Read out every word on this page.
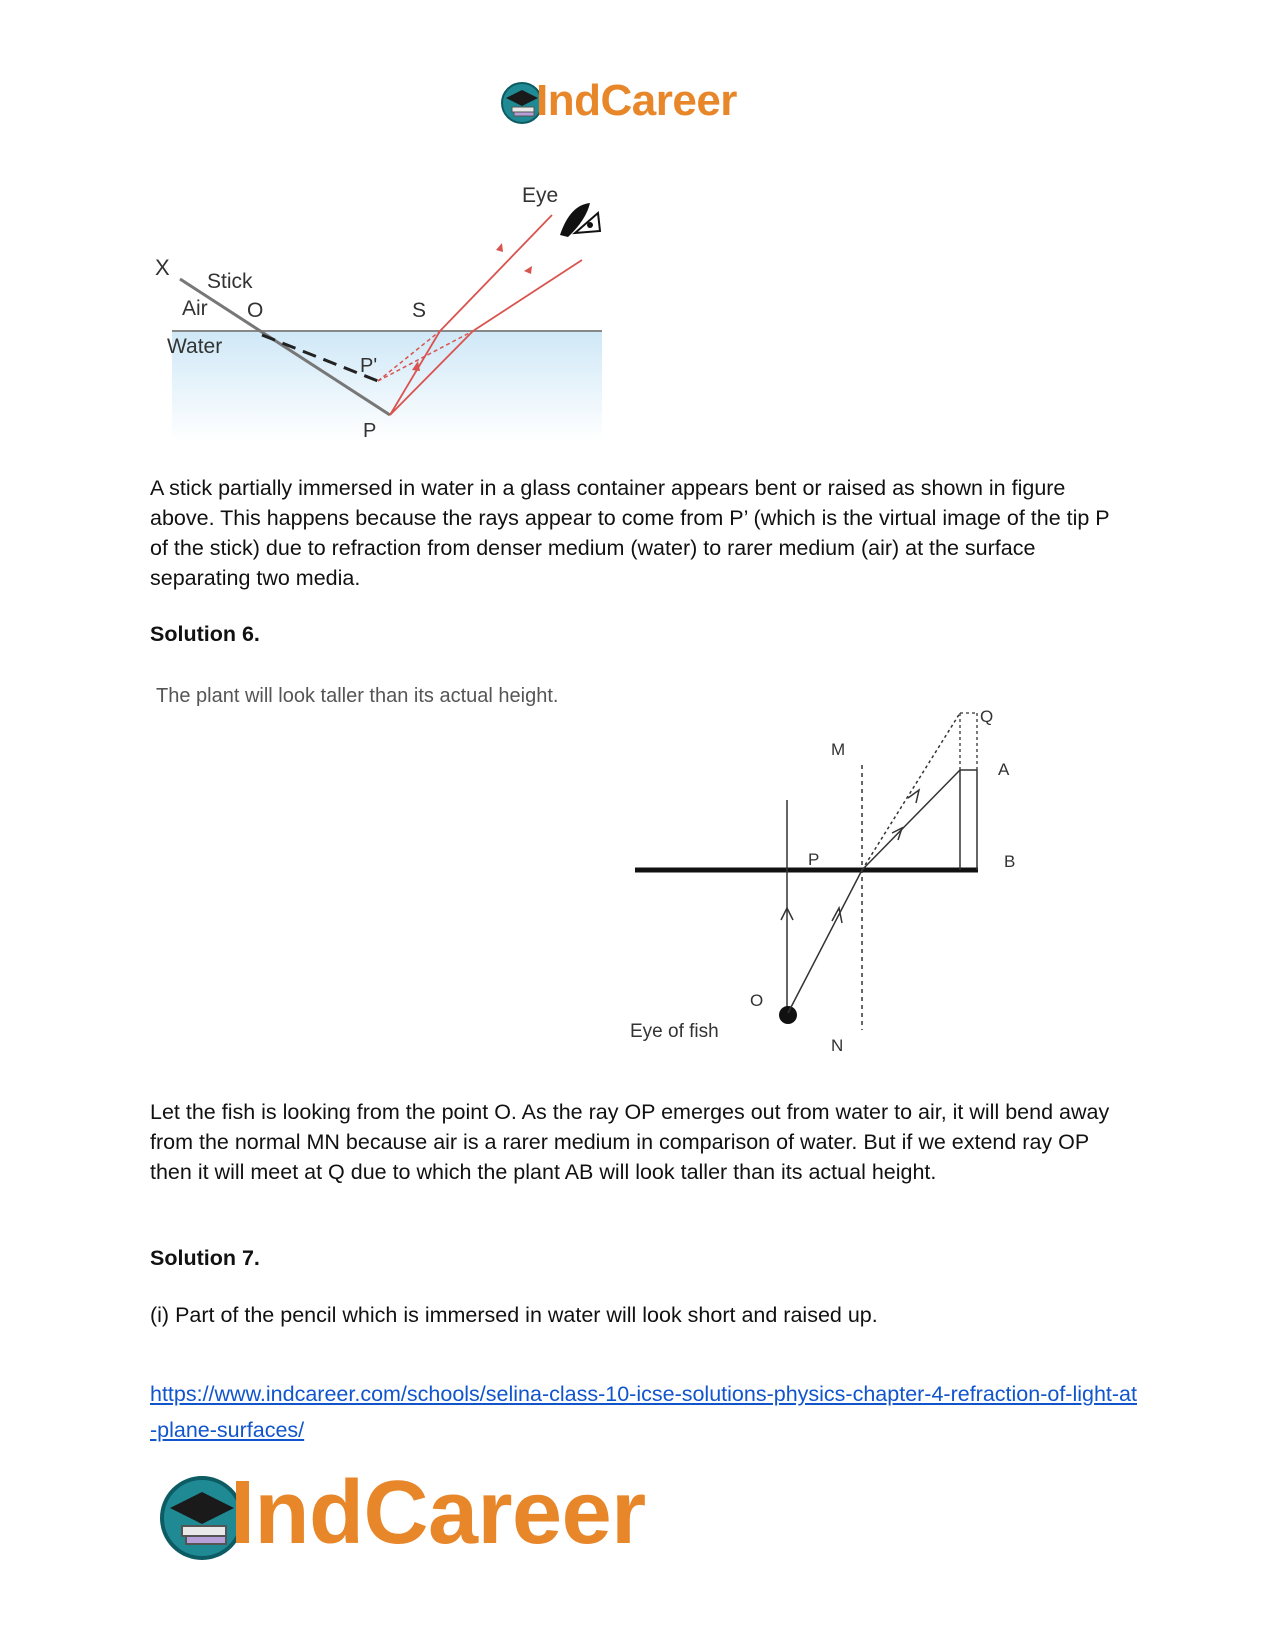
IndCareer
X
Stick
Air O
Water
S
P'
P
Eye

A stick partially immersed in water in a glass container appears bent or raised as shown in figure above. This happens because the rays appear to come from P’ (which is the virtual image of the tip P of the stick) due to refraction from denser medium (water) to rarer medium (air) at the surface separating two media.

Solution 6.

The plant will look taller than its actual height.
Q
M
A
P	B
O
Eye of fish
N

Let the fish is looking from the point O. As the ray OP emerges out from water to air, it will bend away from the normal MN because air is a rarer medium in comparison of water. But if we extend ray OP then it will meet at Q due to which the plant AB will look taller than its actual height.

Solution 7.

(i) Part of the pencil which is immersed in water will look short and raised up.

https://www.indcareer.com/schools/selina-class-10-icse-solutions-physics-chapter-4-refraction-of-light-at-plane-surfaces/
IndCareer
